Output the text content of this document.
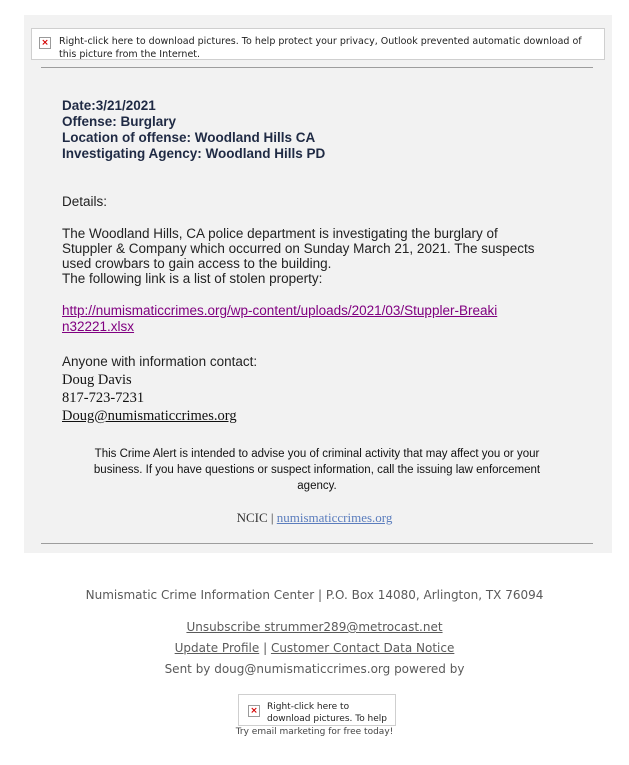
× Right-click here to download pictures. To help protect your privacy, Outlook prevented automatic download of this picture from the Internet.
Date:3/21/2021
Offense: Burglary
Location of offense: Woodland Hills CA
Investigating Agency: Woodland Hills PD
Details:
The Woodland Hills, CA police department is investigating the burglary of
Stuppler & Company which occurred on Sunday March 21, 2021. The suspects
used crowbars to gain access to the building.
The following link is a list of stolen property:
http://numismaticcrimes.org/wp-content/uploads/2021/03/Stuppler-Breakin32221.xlsx
Anyone with information contact:
Doug Davis
817-723-7231
Doug@numismaticcrimes.org
This Crime Alert is intended to advise you of criminal activity that may affect you or your business. If you have questions or suspect information, call the issuing law enforcement agency.
NCIC | numismaticcrimes.org
Numismatic Crime Information Center | P.O. Box 14080, Arlington, TX 76094
Unsubscribe strummer289@metrocast.net
Update Profile | Customer Contact Data Notice
Sent by doug@numismaticcrimes.org powered by
× Right-click here to download pictures. To help
Try email marketing for free today!
